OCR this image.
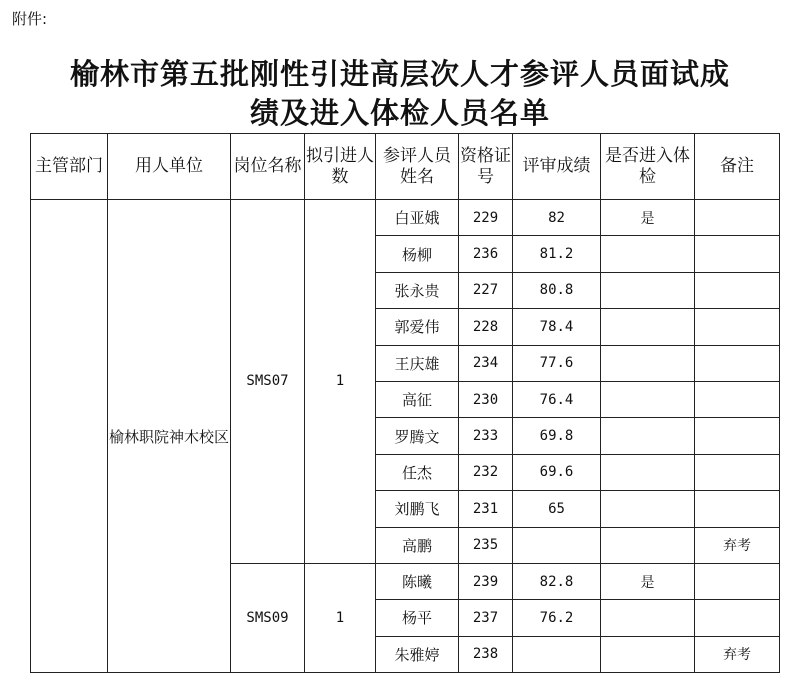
附件:
榆林市第五批刚性引进高层次人才参评人员面试成
绩及进入体检人员名单
主管部门	用人单位	岗位名称	拟引进人数	参评人员姓名	资格证号	评审成绩	是否进入体检	备注
	榆林职院神木校区	SMS07	1	白亚娥	229	82	是	
				杨柳	236	81.2		
				张永贵	227	80.8		
				郭爱伟	228	78.4		
				王庆雄	234	77.6		
				高征	230	76.4		
				罗腾文	233	69.8		
				任杰	232	69.6		
				刘鹏飞	231	65		
				高鹏	235			弃考
		SMS09	1	陈曦	239	82.8	是	
				杨平	237	76.2		
				朱雅婷	238			弃考
